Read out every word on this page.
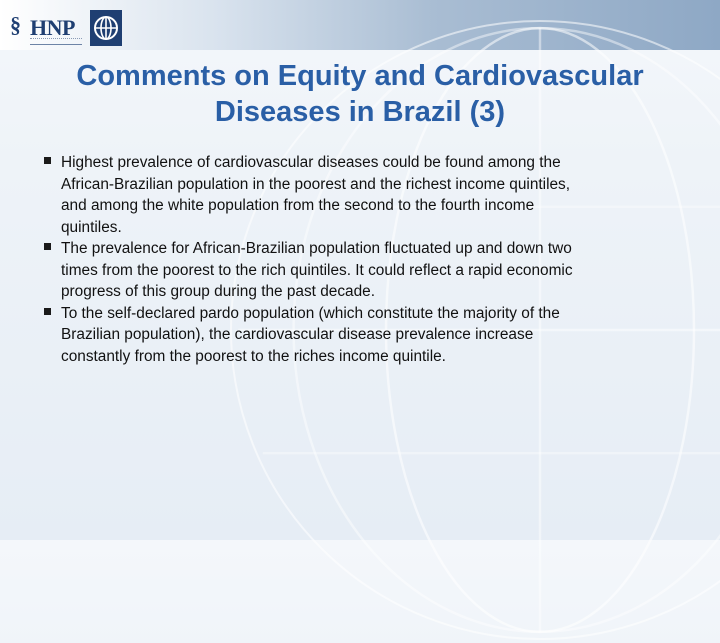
§ HNP
Comments on Equity and Cardiovascular
Diseases in Brazil (3)
Highest prevalence of cardiovascular diseases could be found among the
African-Brazilian population in the poorest and the richest income quintiles,
and among the white population from the second to the fourth income
quintiles.
The prevalence for African-Brazilian population fluctuated up and down two
times from the poorest to the rich quintiles. It could reflect a rapid economic
progress of this group during the past decade.
To the self-declared pardo population (which constitute the majority of the
Brazilian population), the cardiovascular disease prevalence increase
constantly from the poorest to the riches income quintile.
